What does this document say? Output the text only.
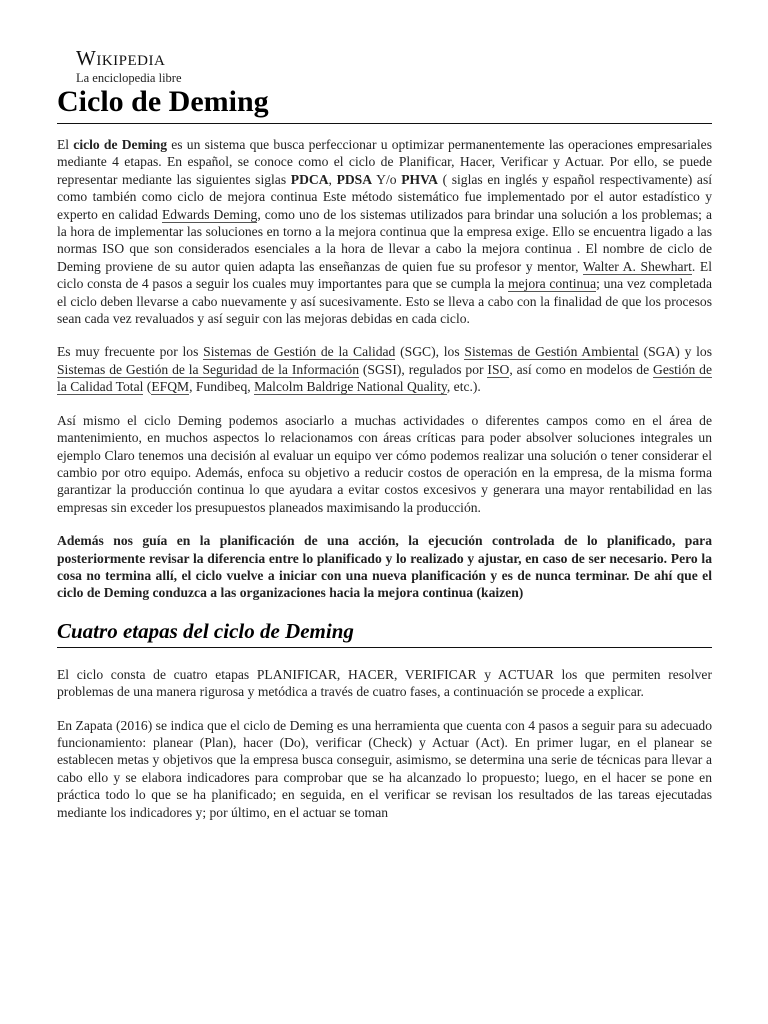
Wikipedia
La enciclopedia libre
Ciclo de Deming

El ciclo de Deming es un sistema que busca perfeccionar u optimizar permanentemente las operaciones empresariales mediante 4 etapas. En español, se conoce como el ciclo de Planificar, Hacer, Verificar y Actuar. Por ello, se puede representar mediante las siguientes siglas PDCA, PDSA Y/o PHVA ( siglas en inglés y español respectivamente) así como también como ciclo de mejora continua Este método sistemático fue implementado por el autor estadístico y experto en calidad Edwards Deming, como uno de los sistemas utilizados para brindar una solución a los problemas; a la hora de implementar las soluciones en torno a la mejora continua que la empresa exige. Ello se encuentra ligado a las normas ISO que son considerados esenciales a la hora de llevar a cabo la mejora continua . El nombre de ciclo de Deming proviene de su autor quien adapta las enseñanzas de quien fue su profesor y mentor, Walter A. Shewhart. El ciclo consta de 4 pasos a seguir los cuales muy importantes para que se cumpla la mejora continua; una vez completada el ciclo deben llevarse a cabo nuevamente y así sucesivamente. Esto se lleva a cabo con la finalidad de que los procesos sean cada vez revaluados y así seguir con las mejoras debidas en cada ciclo.

Es muy frecuente por los Sistemas de Gestión de la Calidad (SGC), los Sistemas de Gestión Ambiental (SGA) y los Sistemas de Gestión de la Seguridad de la Información (SGSI), regulados por ISO, así como en modelos de Gestión de la Calidad Total (EFQM, Fundibeq, Malcolm Baldrige National Quality, etc.).

Así mismo el ciclo Deming podemos asociarlo a muchas actividades o diferentes campos como en el área de mantenimiento, en muchos aspectos lo relacionamos con áreas críticas para poder absolver soluciones integrales un ejemplo Claro tenemos una decisión al evaluar un equipo ver cómo podemos realizar una solución o tener considerar el cambio por otro equipo. Además, enfoca su objetivo a reducir costos de operación en la empresa, de la misma forma garantizar la producción continua lo que ayudara a evitar costos excesivos y generara una mayor rentabilidad en las empresas sin exceder los presupuestos planeados maximisando la producción.

Además nos guía en la planificación de una acción, la ejecución controlada de lo planificado, para posteriormente revisar la diferencia entre lo planificado y lo realizado y ajustar, en caso de ser necesario. Pero la cosa no termina allí, el ciclo vuelve a iniciar con una nueva planificación y es de nunca terminar. De ahí que el ciclo de Deming conduzca a las organizaciones hacia la mejora continua (kaizen)

Cuatro etapas del ciclo de Deming

El ciclo consta de cuatro etapas PLANIFICAR, HACER, VERIFICAR y ACTUAR los que permiten resolver problemas de una manera rigurosa y metódica a través de cuatro fases, a continuación se procede a explicar.

En Zapata (2016) se indica que el ciclo de Deming es una herramienta que cuenta con 4 pasos a seguir para su adecuado funcionamiento: planear (Plan), hacer (Do), verificar (Check) y Actuar (Act). En primer lugar, en el planear se establecen metas y objetivos que la empresa busca conseguir, asimismo, se determina una serie de técnicas para llevar a cabo ello y se elabora indicadores para comprobar que se ha alcanzado lo propuesto; luego, en el hacer se pone en práctica todo lo que se ha planificado; en seguida, en el verificar se revisan los resultados de las tareas ejecutadas mediante los indicadores y; por último, en el actuar se toman
